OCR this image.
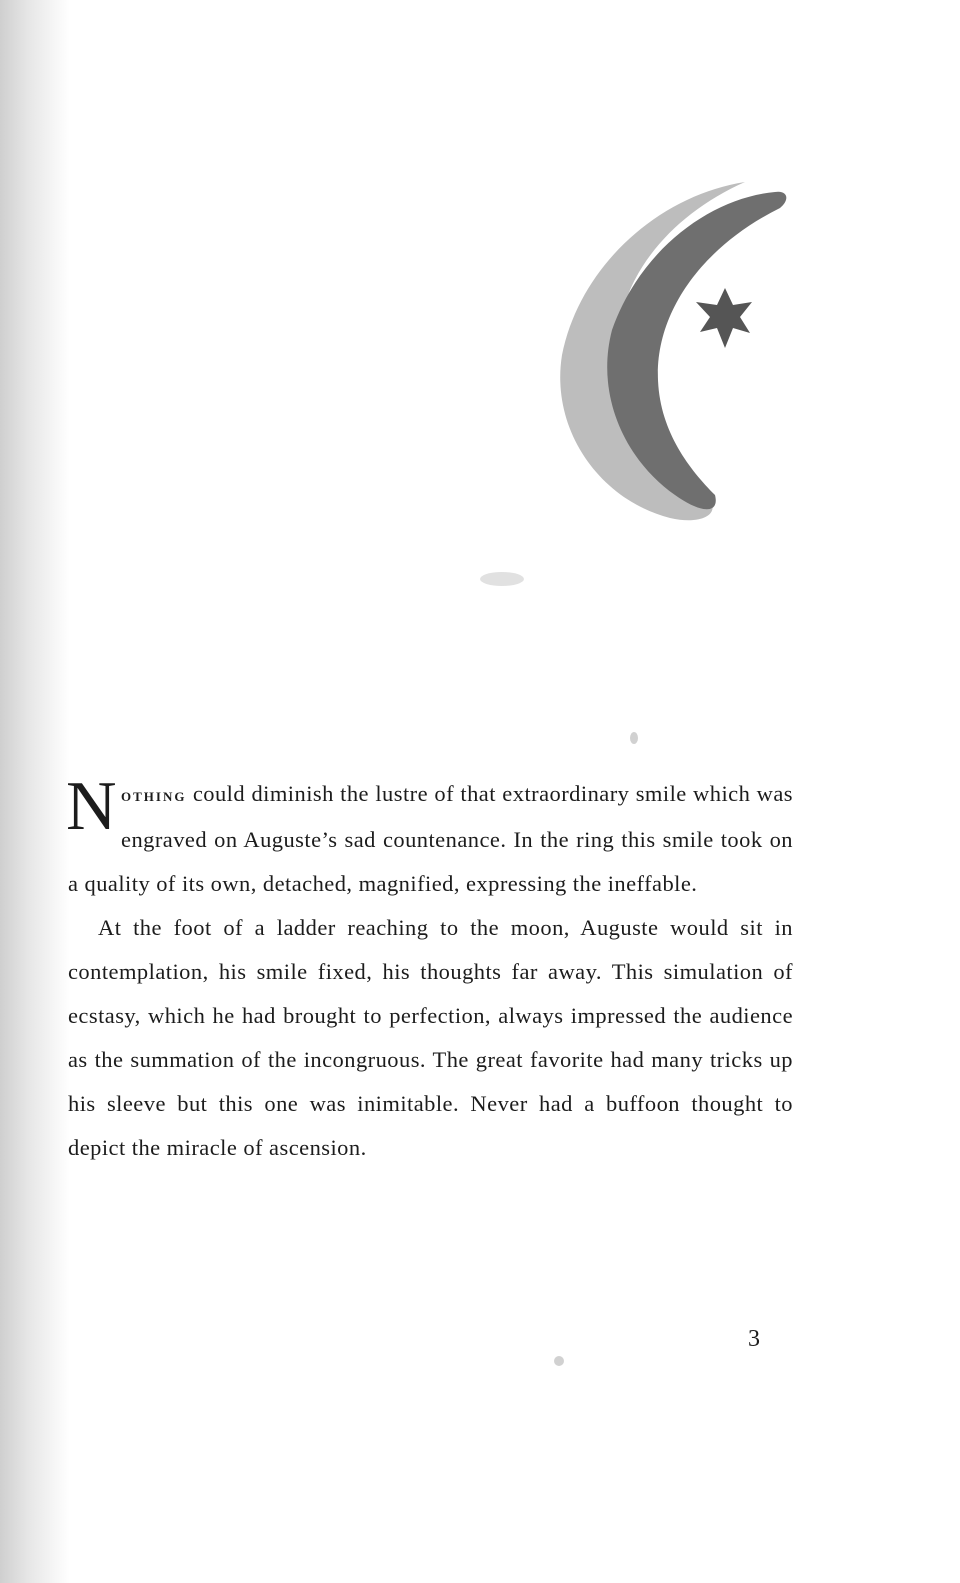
Nothing could diminish the lustre of that extraordinary smile which was engraved on Auguste’s sad countenance. In the ring this smile took on a quality of its own, detached, magnified, expressing the ineffable.

At the foot of a ladder reaching to the moon, Auguste would sit in contemplation, his smile fixed, his thoughts far away. This simulation of ecstasy, which he had brought to perfection, always impressed the audience as the summation of the incongruous. The great favorite had many tricks up his sleeve but this one was inimitable. Never had a buffoon thought to depict the miracle of ascension.

3
